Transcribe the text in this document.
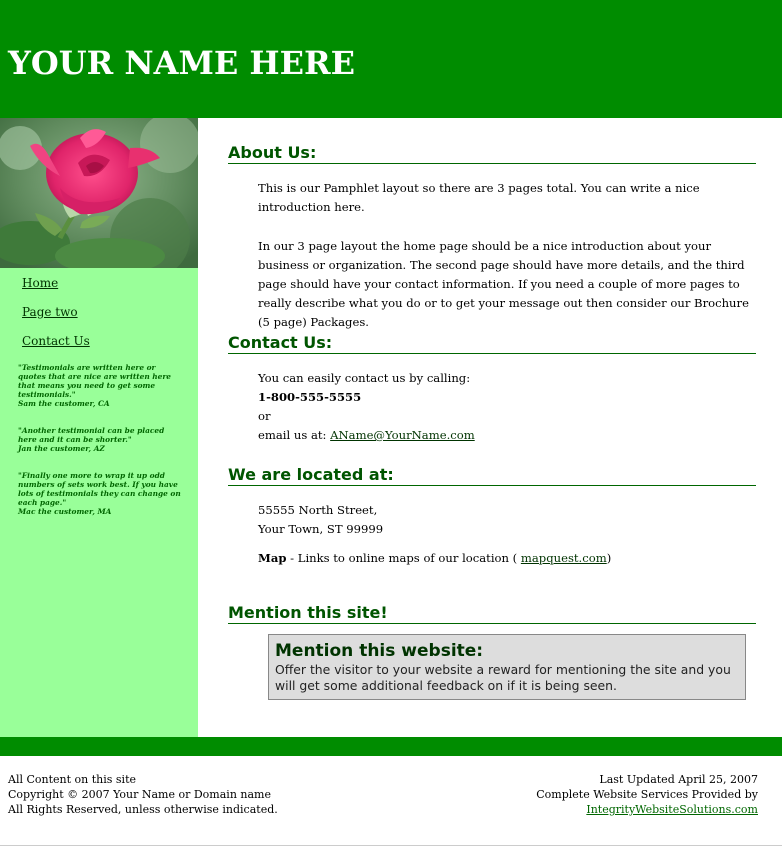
YOUR NAME HERE
Home
Page two
Contact Us
"Testimonials are written here or quotes that are nice are written here that means you need to get some testimonials."
Sam the customer, CA
"Another testimonial can be placed here and it can be shorter."
Jan the customer, AZ
"Finally one more to wrap it up odd numbers of sets work best. If you have lots of testimonials they can change on each page."
Mac the customer, MA
About Us:
This is our Pamphlet layout so there are 3 pages total. You can write a nice introduction here.
In our 3 page layout the home page should be a nice introduction about your business or organization. The second page should have more details, and the third page should have your contact information. If you need a couple of more pages to really describe what you do or to get your message out then consider our Brochure (5 page) Packages.
Contact Us:
You can easily contact us by calling:
1-800-555-5555
or
email us at: AName@YourName.com
We are located at:
55555 North Street,
Your Town, ST 99999
Map - Links to online maps of our location ( mapquest.com)
Mention this site!
Mention this website:
Offer the visitor to your website a reward for mentioning the site and you will get some additional feedback on if it is being seen.
All Content on this site
Copyright © 2007 Your Name or Domain name
All Rights Reserved, unless otherwise indicated.
Last Updated April 25, 2007
Complete Website Services Provided by
IntegrityWebsiteSolutions.com
